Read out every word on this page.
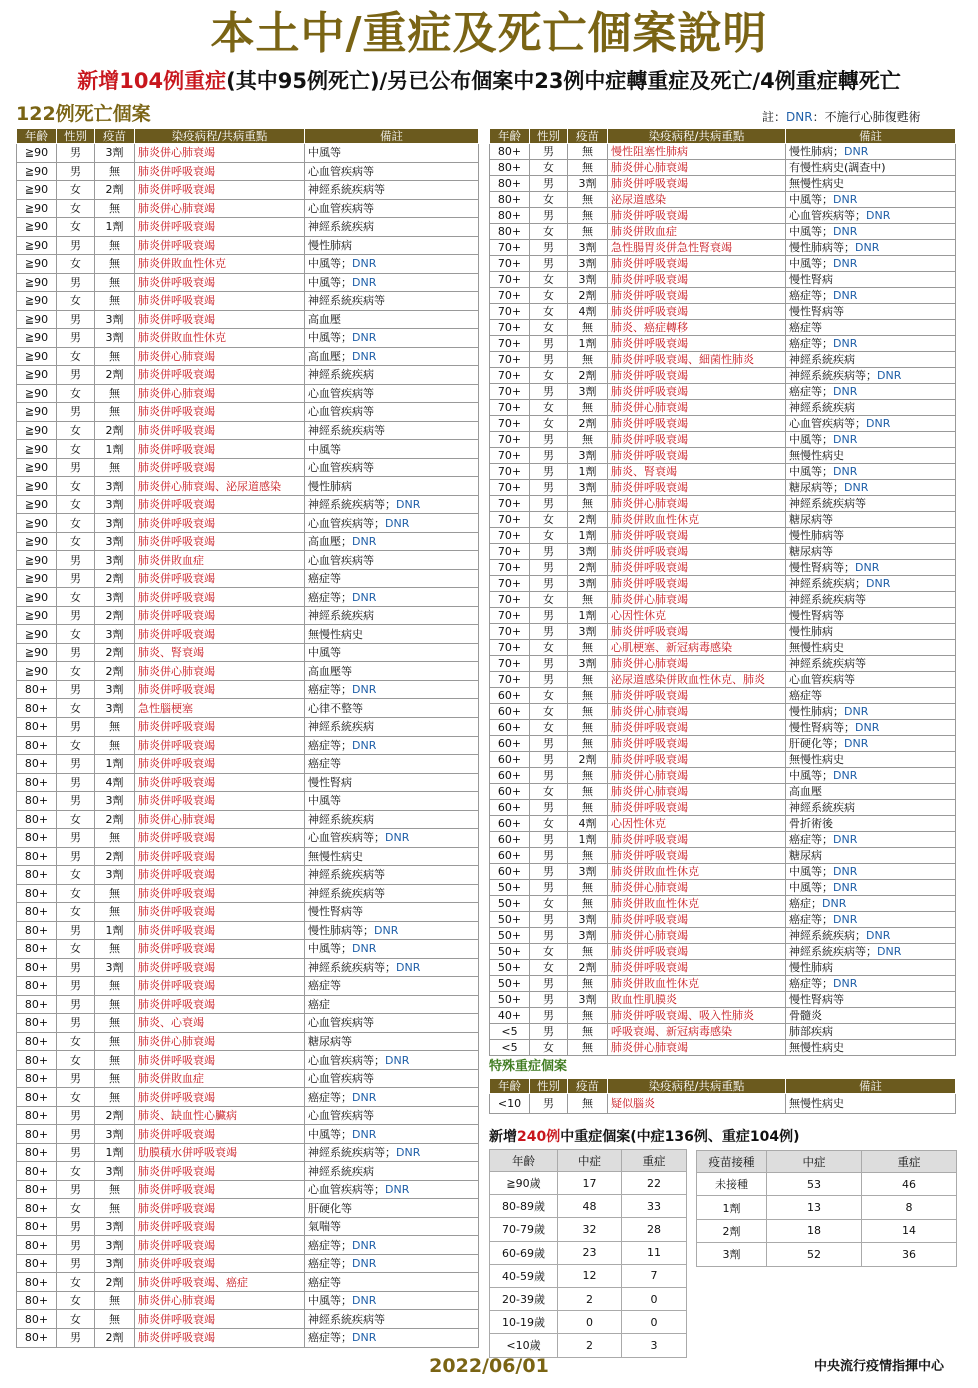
本土中/重症及死亡個案說明
新增104例重症(其中95例死亡)/另已公布個案中23例中症轉重症及死亡/4例重症轉死亡
122例死亡個案	註：DNR：不施行心肺復甦術
年齡	性別	疫苗	染疫病程/共病重點	備註
≧90	男	3劑	肺炎併心肺衰竭	中風等
≧90	男	無	肺炎併呼吸衰竭	心血管疾病等
≧90	女	2劑	肺炎併呼吸衰竭	神經系統疾病等
≧90	女	無	肺炎併心肺衰竭	心血管疾病等
≧90	女	1劑	肺炎併呼吸衰竭	神經系統疾病
≧90	男	無	肺炎併呼吸衰竭	慢性肺病
≧90	女	無	肺炎併敗血性休克	中風等；DNR
≧90	男	無	肺炎併呼吸衰竭	中風等；DNR
≧90	女	無	肺炎併呼吸衰竭	神經系統疾病等
≧90	男	3劑	肺炎併呼吸衰竭	高血壓
≧90	男	3劑	肺炎併敗血性休克	中風等；DNR
≧90	女	無	肺炎併心肺衰竭	高血壓；DNR
≧90	男	2劑	肺炎併呼吸衰竭	神經系統疾病
≧90	女	無	肺炎併心肺衰竭	心血管疾病等
≧90	男	無	肺炎併呼吸衰竭	心血管疾病等
≧90	女	2劑	肺炎併呼吸衰竭	神經系統疾病等
≧90	女	1劑	肺炎併呼吸衰竭	中風等
≧90	男	無	肺炎併呼吸衰竭	心血管疾病等
≧90	女	3劑	肺炎併心肺衰竭、泌尿道感染	慢性肺病
≧90	女	3劑	肺炎併呼吸衰竭	神經系統疾病等；DNR
≧90	女	3劑	肺炎併呼吸衰竭	心血管疾病等；DNR
≧90	女	3劑	肺炎併呼吸衰竭	高血壓；DNR
≧90	男	3劑	肺炎併敗血症	心血管疾病等
≧90	男	2劑	肺炎併呼吸衰竭	癌症等
≧90	女	3劑	肺炎併呼吸衰竭	癌症等；DNR
≧90	男	2劑	肺炎併呼吸衰竭	神經系統疾病
≧90	女	3劑	肺炎併呼吸衰竭	無慢性病史
≧90	男	2劑	肺炎、腎衰竭	中風等
≧90	女	2劑	肺炎併心肺衰竭	高血壓等
80+	男	3劑	肺炎併呼吸衰竭	癌症等；DNR
80+	女	3劑	急性腦梗塞	心律不整等
80+	男	無	肺炎併呼吸衰竭	神經系統疾病
80+	女	無	肺炎併呼吸衰竭	癌症等；DNR
80+	男	1劑	肺炎併呼吸衰竭	癌症等
80+	男	4劑	肺炎併呼吸衰竭	慢性腎病
80+	男	3劑	肺炎併呼吸衰竭	中風等
80+	女	2劑	肺炎併心肺衰竭	神經系統疾病
80+	男	無	肺炎併呼吸衰竭	心血管疾病等；DNR
80+	男	2劑	肺炎併呼吸衰竭	無慢性病史
80+	女	3劑	肺炎併呼吸衰竭	神經系統疾病等
80+	女	無	肺炎併呼吸衰竭	神經系統疾病等
80+	女	無	肺炎併呼吸衰竭	慢性腎病等
80+	男	1劑	肺炎併呼吸衰竭	慢性肺病等；DNR
80+	女	無	肺炎併呼吸衰竭	中風等；DNR
80+	男	3劑	肺炎併呼吸衰竭	神經系統疾病等；DNR
80+	男	無	肺炎併呼吸衰竭	癌症等
80+	男	無	肺炎併呼吸衰竭	癌症
80+	男	無	肺炎、心衰竭	心血管疾病等
80+	女	無	肺炎併心肺衰竭	糖尿病等
80+	女	無	肺炎併呼吸衰竭	心血管疾病等；DNR
80+	男	無	肺炎併敗血症	心血管疾病等
80+	女	無	肺炎併呼吸衰竭	癌症等；DNR
80+	男	2劑	肺炎、缺血性心臟病	心血管疾病等
80+	男	3劑	肺炎併呼吸衰竭	中風等；DNR
80+	男	1劑	肋膜積水併呼吸衰竭	神經系統疾病等；DNR
80+	女	3劑	肺炎併呼吸衰竭	神經系統疾病
80+	男	無	肺炎併呼吸衰竭	心血管疾病等；DNR
80+	女	無	肺炎併呼吸衰竭	肝硬化等
80+	男	3劑	肺炎併呼吸衰竭	氣喘等
80+	男	3劑	肺炎併呼吸衰竭	癌症等；DNR
80+	男	3劑	肺炎併呼吸衰竭	癌症等；DNR
80+	女	2劑	肺炎併呼吸衰竭、癌症	癌症等
80+	女	無	肺炎併心肺衰竭	中風等；DNR
80+	女	無	肺炎併呼吸衰竭	神經系統疾病等
80+	男	2劑	肺炎併呼吸衰竭	癌症等；DNR
年齡	性別	疫苗	染疫病程/共病重點	備註
80+	男	無	慢性阻塞性肺病	慢性肺病；DNR
80+	女	無	肺炎併心肺衰竭	有慢性病史(調查中)
80+	男	3劑	肺炎併呼吸衰竭	無慢性病史
80+	女	無	泌尿道感染	中風等；DNR
80+	男	無	肺炎併呼吸衰竭	心血管疾病等；DNR
80+	女	無	肺炎併敗血症	中風等；DNR
70+	男	3劑	急性腸胃炎併急性腎衰竭	慢性肺病等；DNR
70+	男	3劑	肺炎併呼吸衰竭	中風等；DNR
70+	女	3劑	肺炎併呼吸衰竭	慢性腎病
70+	女	2劑	肺炎併呼吸衰竭	癌症等；DNR
70+	女	4劑	肺炎併呼吸衰竭	慢性腎病等
70+	女	無	肺炎、癌症轉移	癌症等
70+	男	1劑	肺炎併呼吸衰竭	癌症等；DNR
70+	男	無	肺炎併呼吸衰竭、細菌性肺炎	神經系統疾病
70+	女	2劑	肺炎併呼吸衰竭	神經系統疾病等；DNR
70+	男	3劑	肺炎併呼吸衰竭	癌症等；DNR
70+	女	無	肺炎併心肺衰竭	神經系統疾病
70+	女	2劑	肺炎併呼吸衰竭	心血管疾病等；DNR
70+	男	無	肺炎併呼吸衰竭	中風等；DNR
70+	男	3劑	肺炎併呼吸衰竭	無慢性病史
70+	男	1劑	肺炎、腎衰竭	中風等；DNR
70+	男	3劑	肺炎併呼吸衰竭	糖尿病等；DNR
70+	男	無	肺炎併心肺衰竭	神經系統疾病等
70+	女	2劑	肺炎併敗血性休克	糖尿病等
70+	女	1劑	肺炎併呼吸衰竭	慢性肺病等
70+	男	3劑	肺炎併呼吸衰竭	糖尿病等
70+	男	2劑	肺炎併呼吸衰竭	慢性腎病等；DNR
70+	男	3劑	肺炎併呼吸衰竭	神經系統疾病；DNR
70+	女	無	肺炎併心肺衰竭	神經系統疾病等
70+	男	1劑	心因性休克	慢性腎病等
70+	男	3劑	肺炎併呼吸衰竭	慢性肺病
70+	女	無	心肌梗塞、新冠病毒感染	無慢性病史
70+	男	3劑	肺炎併心肺衰竭	神經系統疾病等
70+	男	無	泌尿道感染併敗血性休克、肺炎	心血管疾病等
60+	女	無	肺炎併呼吸衰竭	癌症等
60+	女	無	肺炎併心肺衰竭	慢性肺病；DNR
60+	女	無	肺炎併呼吸衰竭	慢性腎病等；DNR
60+	男	無	肺炎併呼吸衰竭	肝硬化等；DNR
60+	男	2劑	肺炎併呼吸衰竭	無慢性病史
60+	男	無	肺炎併心肺衰竭	中風等；DNR
60+	女	無	肺炎併心肺衰竭	高血壓
60+	男	無	肺炎併呼吸衰竭	神經系統疾病
60+	女	4劑	心因性休克	骨折術後
60+	男	1劑	肺炎併呼吸衰竭	癌症等；DNR
60+	男	無	肺炎併呼吸衰竭	糖尿病
60+	男	3劑	肺炎併敗血性休克	中風等；DNR
50+	男	無	肺炎併心肺衰竭	中風等；DNR
50+	女	無	肺炎併敗血性休克	癌症；DNR
50+	男	3劑	肺炎併呼吸衰竭	癌症等；DNR
50+	男	3劑	肺炎併心肺衰竭	神經系統疾病；DNR
50+	女	無	肺炎併呼吸衰竭	神經系統疾病等；DNR
50+	女	2劑	肺炎併呼吸衰竭	慢性肺病
50+	男	無	肺炎併敗血性休克	癌症等；DNR
50+	男	3劑	敗血性肌膜炎	慢性腎病等
40+	男	無	肺炎併呼吸衰竭、吸入性肺炎	骨髓炎
<5	男	無	呼吸衰竭、新冠病毒感染	肺部疾病
<5	女	無	肺炎併心肺衰竭	無慢性病史
特殊重症個案
年齡	性別	疫苗	染疫病程/共病重點	備註
<10	男	無	疑似腦炎	無慢性病史
新增240例中重症個案(中症136例、重症104例)
年齡	中症	重症
≧90歲	17	22
80-89歲	48	33
70-79歲	32	28
60-69歲	23	11
40-59歲	12	7
20-39歲	2	0
10-19歲	0	0
<10歲	2	3
疫苗接種	中症	重症
未接種	53	46
1劑	13	8
2劑	18	14
3劑	52	36
2022/06/01	中央流行疫情指揮中心
